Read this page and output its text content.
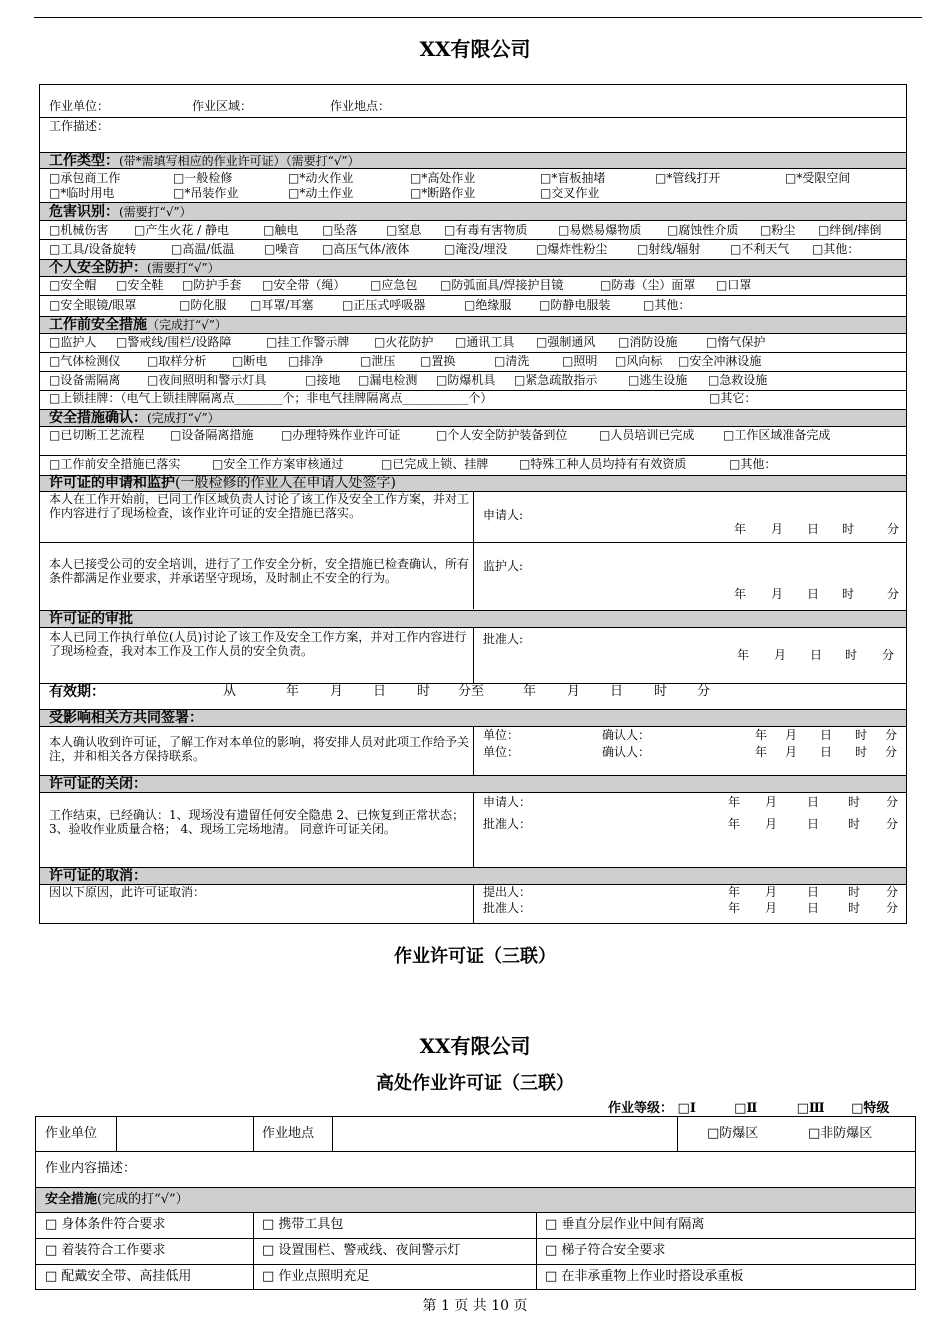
XX有限公司
作业单位：	作业区域：	作业地点：
工作描述：
工作类型：(带*需填写相应的作业许可证）（需要打“√”）
□承包商工作	□一般检修	□*动火作业	□*高处作业	□*盲板抽堵	□*管线打开	□*受限空间
□*临时用电	□*吊装作业	□*动土作业	□*断路作业	□交叉作业
危害识别：(需要打“√”）
□机械伤害 □产生火花 / 静电	□触电 □坠落 □窒息 □有毒有害物质	□易燃易爆物质 □腐蚀性介质 □粉尘 □绊倒/摔倒
□工具/设备旋转	□高温/低温 □噪音 □高压气体/液体	□淹没/埋没 □爆炸性粉尘 □射线/辐射 □不利天气 □其他：
个人安全防护：(需要打“√”）
□安全帽 □安全鞋 □防护手套 □安全带（绳） □应急包 □防弧面具/焊接护目镜	□防毒（尘）面罩 □口罩
□安全眼镜/眼罩	□防化服 □耳罩/耳塞 □正压式呼吸器	□绝缘服 □防静电服装	□其他：
工作前安全措施（完成打“√”）
□监护人 □警戒线/围栏/设路障	□挂工作警示牌 □火花防护 □通讯工具 □强制通风 □消防设施 □惰气保护
□气体检测仪 □取样分析 □断电 □排净	□泄压 □置换	□清洗	□照明 □风向标 □安全冲淋设施
□设备需隔离 □夜间照明和警示灯具	□接地 □漏电检测 □防爆机具 □紧急疏散指示	□逃生设施 □急救设施
□上锁挂牌：（电气上锁挂牌隔离点________个；非电气挂牌隔离点___________个）	□其它：
安全措施确认：(完成打“√”）
□已切断工艺流程 □设备隔离措施 □办理特殊作业许可证	□个人安全防护装备到位	□人员培训已完成 □工作区域准备完成
□工作前安全措施已落实	□安全工作方案审核通过	□已完成上锁、挂牌	□特殊工种人员均持有有效资质	□其他：
许可证的申请和监护(一般检修的作业人在申请人处签字)
本人在工作开始前，已同工作区域负责人讨论了该工作及安全工作方案，并对工作内容进行了现场检查，该作业许可证的安全措施已落实。	申请人:
年 月 日 时	分
本人已接受公司的安全培训，进行了工作安全分析，安全措施已检查确认，所有条件都满足作业要求，并承诺坚守现场，及时制止不安全的行为。
监护人:
年 月 日 时	分
许可证的审批
本人已同工作执行单位(人员)讨论了该工作及安全工作方案，并对工作内容进行了现场检查，我对本工作及工作人员的安全负责。
批准人:
年 月 日 时 分
有效期：	从	年 月 日 时 分至	年 月 日 时 分
受影响相关方共同签署：
本人确认收到许可证，了解工作对本单位的影响，将安排人员对此项工作给予关注，并和相关各方保持联系。
单位：	确认人：	年 月 日 时 分
单位：	确认人：	年 月 日 时 分
许可证的关闭：
工作结束，已经确认：1、现场没有遗留任何安全隐患 2、已恢复到正常状态； 3、验收作业质量合格； 4、现场工完场地清。 同意许可证关闭。
申请人：	年 月 日 时 分
批准人：	年 月 日 时 分
许可证的取消：
因以下原因，此许可证取消：	提出人：	年 月 日 时 分
批准人：	年 月 日 时 分
作业许可证（三联）
XX有限公司
高处作业许可证（三联）
作业等级： □Ⅰ	□Ⅱ	□Ⅲ □特级
作业单位	作业地点	□防爆区	□非防爆区
作业内容描述：
安全措施(完成的打“√”）
□ 身体条件符合要求	□ 携带工具包	□ 垂直分层作业中间有隔离
□ 着装符合工作要求	□ 设置围栏、警戒线、夜间警示灯	□ 梯子符合安全要求
□ 配戴安全带、高挂低用	□ 作业点照明充足	□ 在非承重物上作业时搭设承重板
第 1 页 共 10 页
